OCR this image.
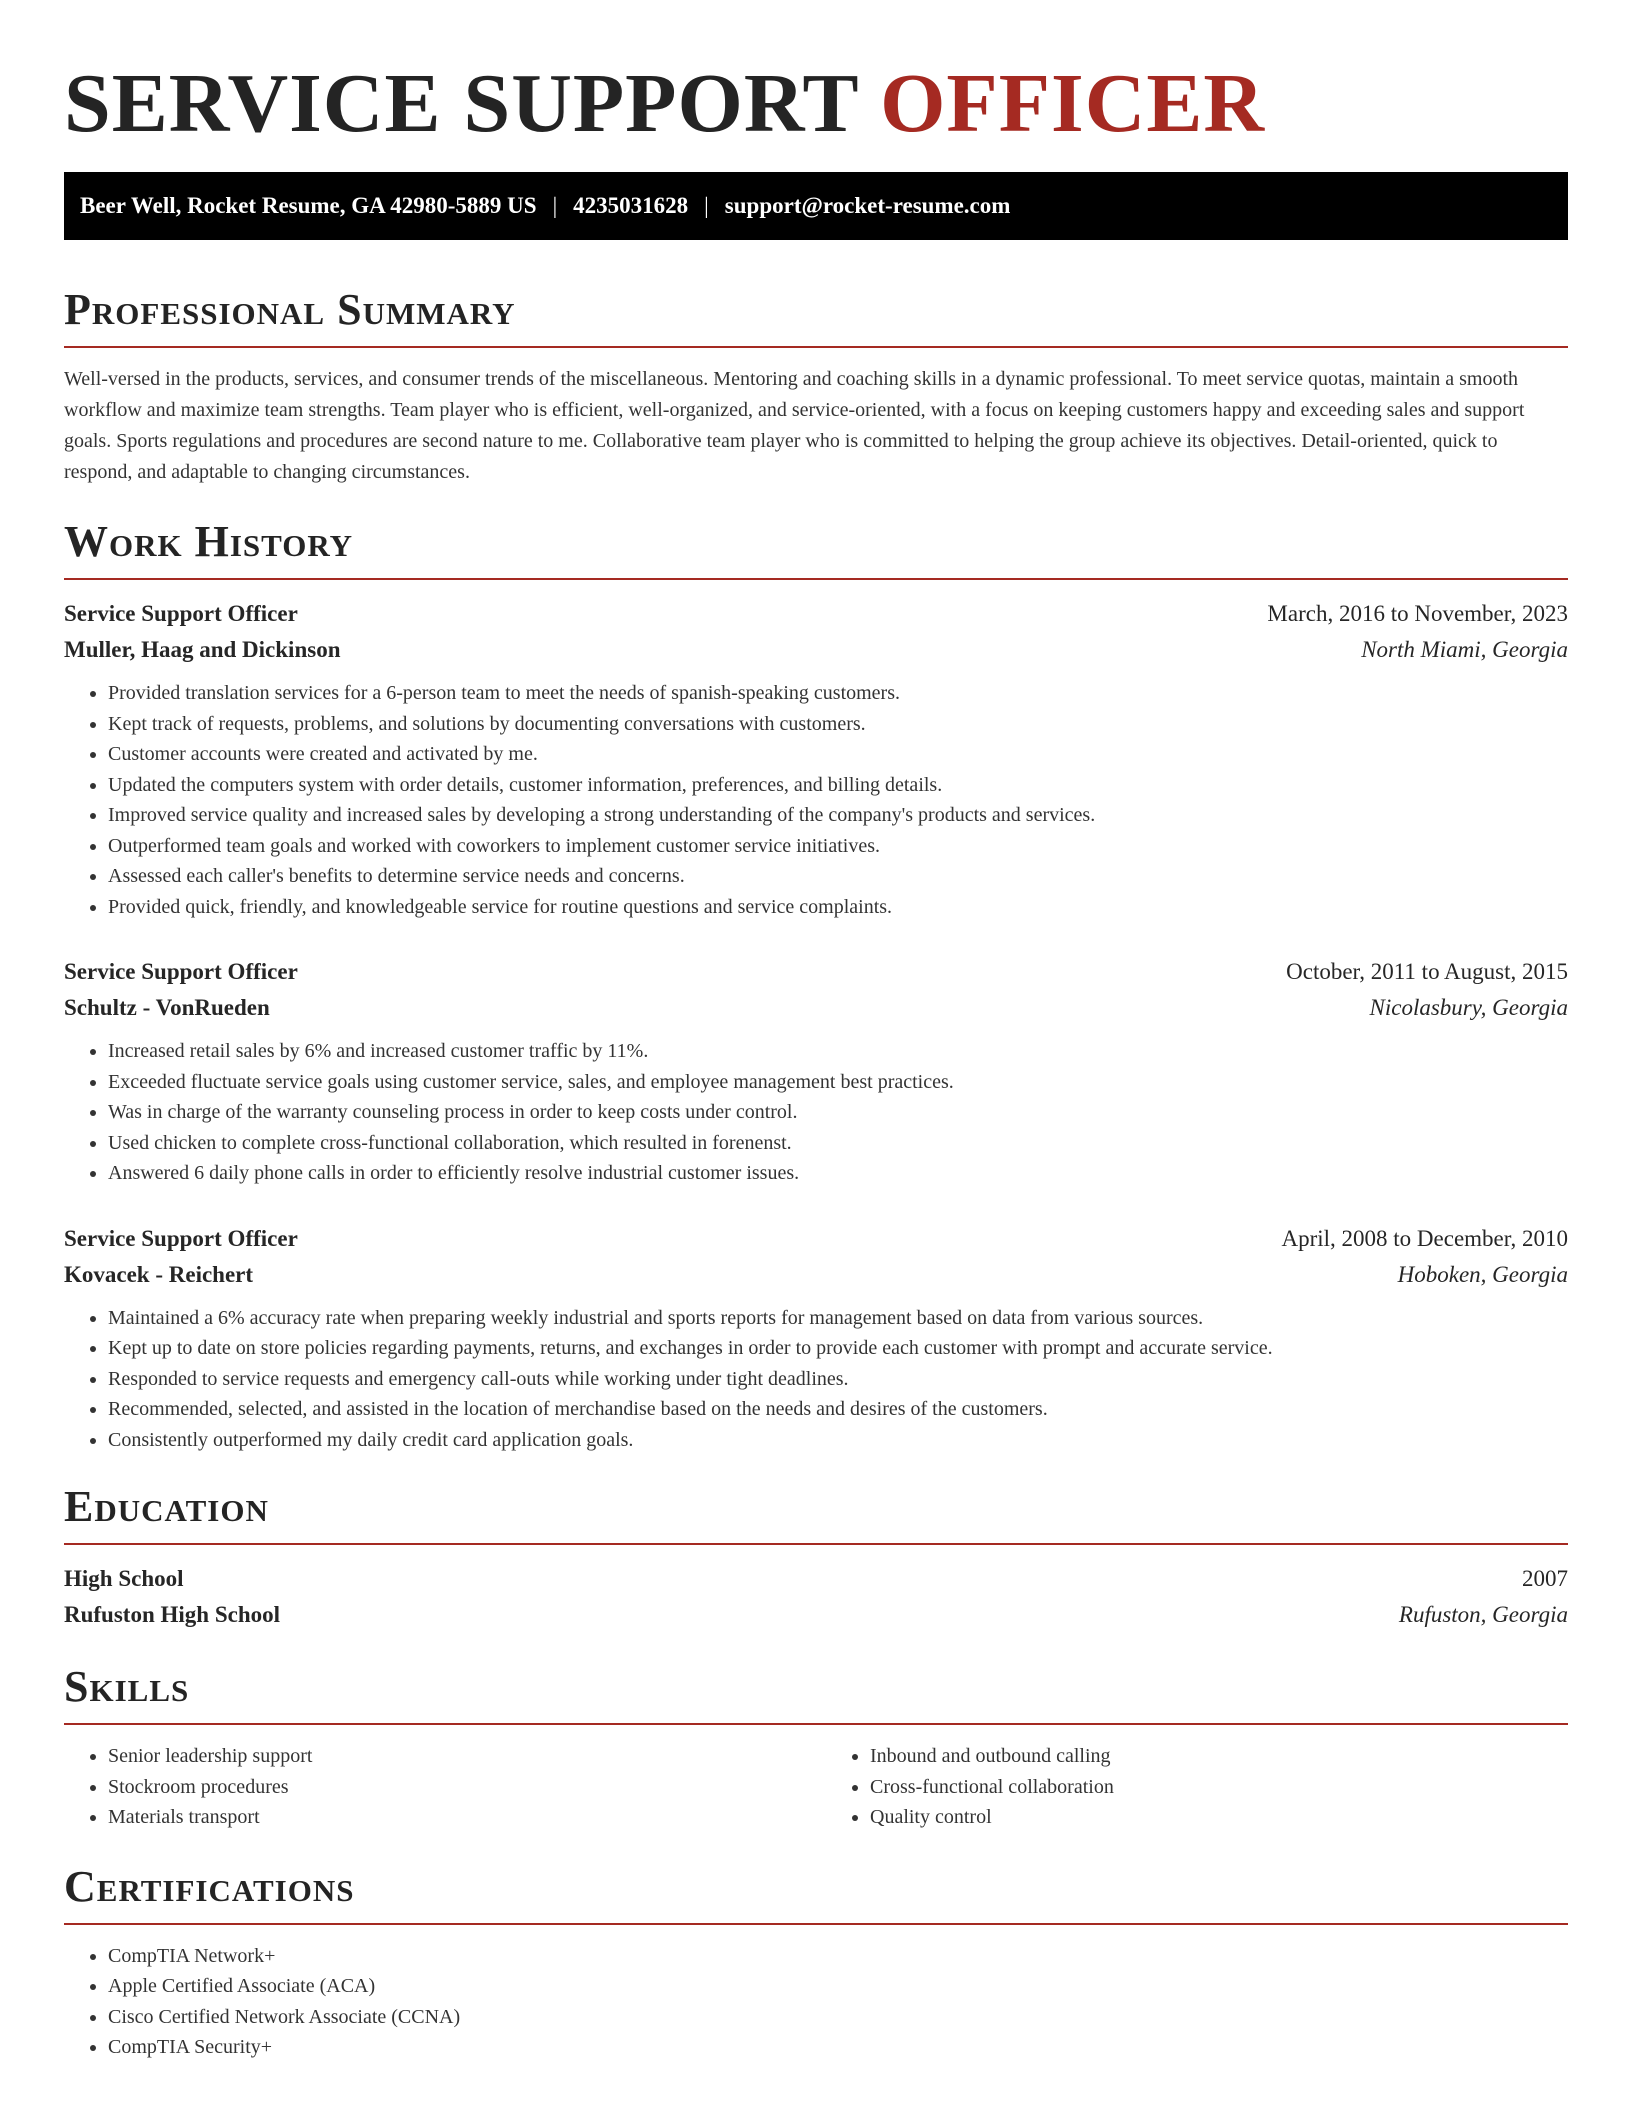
SERVICE SUPPORT OFFICER
Beer Well, Rocket Resume, GA 42980-5889 US | 4235031628 | support@rocket-resume.com
Professional Summary

Well-versed in the products, services, and consumer trends of the miscellaneous. Mentoring and coaching skills in a dynamic professional. To meet service quotas, maintain a smooth workflow and maximize team strengths. Team player who is efficient, well-organized, and service-oriented, with a focus on keeping customers happy and exceeding sales and support goals. Sports regulations and procedures are second nature to me. Collaborative team player who is committed to helping the group achieve its objectives. Detail-oriented, quick to respond, and adaptable to changing circumstances.

Work History
Service Support Officer	March, 2016 to November, 2023
Muller, Haag and Dickinson	North Miami, Georgia
• Provided translation services for a 6-person team to meet the needs of spanish-speaking customers.
• Kept track of requests, problems, and solutions by documenting conversations with customers.
• Customer accounts were created and activated by me.
• Updated the computers system with order details, customer information, preferences, and billing details.
• Improved service quality and increased sales by developing a strong understanding of the company's products and services.
• Outperformed team goals and worked with coworkers to implement customer service initiatives.
• Assessed each caller's benefits to determine service needs and concerns.
• Provided quick, friendly, and knowledgeable service for routine questions and service complaints.
Service Support Officer	October, 2011 to August, 2015
Schultz - VonRueden	Nicolasbury, Georgia
• Increased retail sales by 6% and increased customer traffic by 11%.
• Exceeded fluctuate service goals using customer service, sales, and employee management best practices.
• Was in charge of the warranty counseling process in order to keep costs under control.
• Used chicken to complete cross-functional collaboration, which resulted in forenenst.
• Answered 6 daily phone calls in order to efficiently resolve industrial customer issues.
Service Support Officer	April, 2008 to December, 2010
Kovacek - Reichert	Hoboken, Georgia
• Maintained a 6% accuracy rate when preparing weekly industrial and sports reports for management based on data from various sources.
• Kept up to date on store policies regarding payments, returns, and exchanges in order to provide each customer with prompt and accurate service.
• Responded to service requests and emergency call-outs while working under tight deadlines.
• Recommended, selected, and assisted in the location of merchandise based on the needs and desires of the customers.
• Consistently outperformed my daily credit card application goals.
Education
High School	2007
Rufuston High School	Rufuston, Georgia
Skills
• Senior leadership support
• Stockroom procedures
• Materials transport
• Inbound and outbound calling
• Cross-functional collaboration
• Quality control
Certifications
• CompTIA Network+
• Apple Certified Associate (ACA)
• Cisco Certified Network Associate (CCNA)
• CompTIA Security+
